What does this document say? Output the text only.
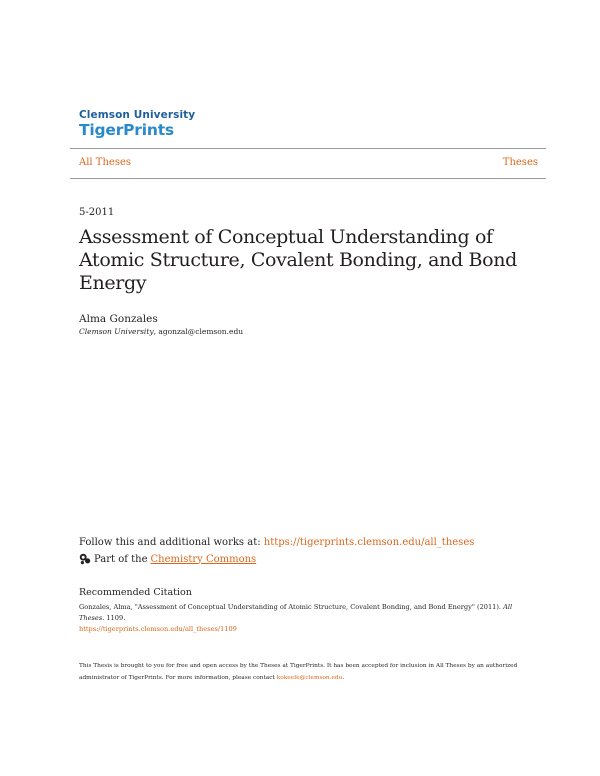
Clemson University
TigerPrints
All Theses	Theses
5-2011
Assessment of Conceptual Understanding of Atomic Structure, Covalent Bonding, and Bond Energy
Alma Gonzales
Clemson University, agonzal@clemson.edu
Follow this and additional works at: https://tigerprints.clemson.edu/all_theses
Part of the Chemistry Commons
Recommended Citation
Gonzales, Alma, "Assessment of Conceptual Understanding of Atomic Structure, Covalent Bonding, and Bond Energy" (2011). All Theses. 1109.
https://tigerprints.clemson.edu/all_theses/1109
This Thesis is brought to you for free and open access by the Theses at TigerPrints. It has been accepted for inclusion in All Theses by an authorized administrator of TigerPrints. For more information, please contact kokeefe@clemson.edu.
